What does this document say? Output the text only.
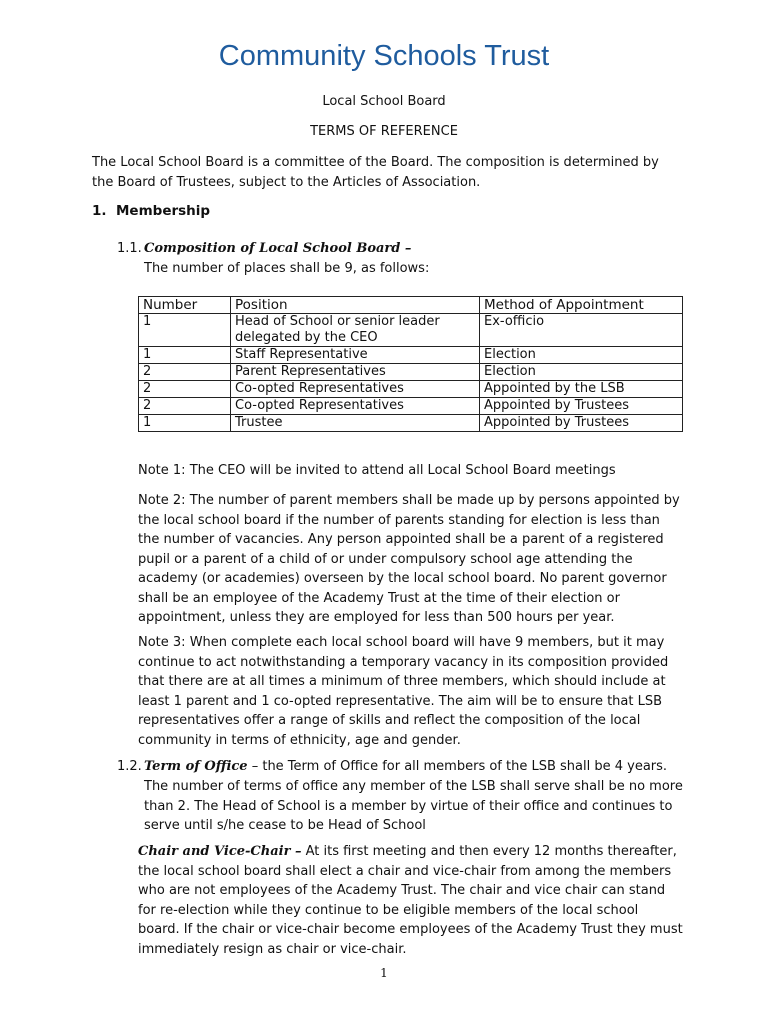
Community Schools Trust
Local School Board
TERMS OF REFERENCE

The Local School Board is a committee of the Board. The composition is determined by the Board of Trustees, subject to the Articles of Association.

1. Membership
1.1. Composition of Local School Board –
The number of places shall be 9, as follows:
Number	Position	Method of Appointment
1	Head of School or senior leader delegated by the CEO	Ex-officio
1	Staff Representative	Election
2	Parent Representatives	Election
2	Co-opted Representatives	Appointed by the LSB
2	Co-opted Representatives	Appointed by Trustees
1	Trustee	Appointed by Trustees

Note 1: The CEO will be invited to attend all Local School Board meetings

Note 2: The number of parent members shall be made up by persons appointed by the local school board if the number of parents standing for election is less than the number of vacancies. Any person appointed shall be a parent of a registered pupil or a parent of a child of or under compulsory school age attending the academy (or academies) overseen by the local school board. No parent governor shall be an employee of the Academy Trust at the time of their election or appointment, unless they are employed for less than 500 hours per year.

Note 3: When complete each local school board will have 9 members, but it may continue to act notwithstanding a temporary vacancy in its composition provided that there are at all times a minimum of three members, which should include at least 1 parent and 1 co-opted representative. The aim will be to ensure that LSB representatives offer a range of skills and reflect the composition of the local community in terms of ethnicity, age and gender.

1.2. Term of Office – the Term of Office for all members of the LSB shall be 4 years.

The number of terms of office any member of the LSB shall serve shall be no more than 2. The Head of School is a member by virtue of their office and continues to serve until s/he cease to be Head of School

Chair and Vice-Chair – At its first meeting and then every 12 months thereafter, the local school board shall elect a chair and vice-chair from among the members who are not employees of the Academy Trust. The chair and vice chair can stand for re-election while they continue to be eligible members of the local school board. If the chair or vice-chair become employees of the Academy Trust they must immediately resign as chair or vice-chair.

1
